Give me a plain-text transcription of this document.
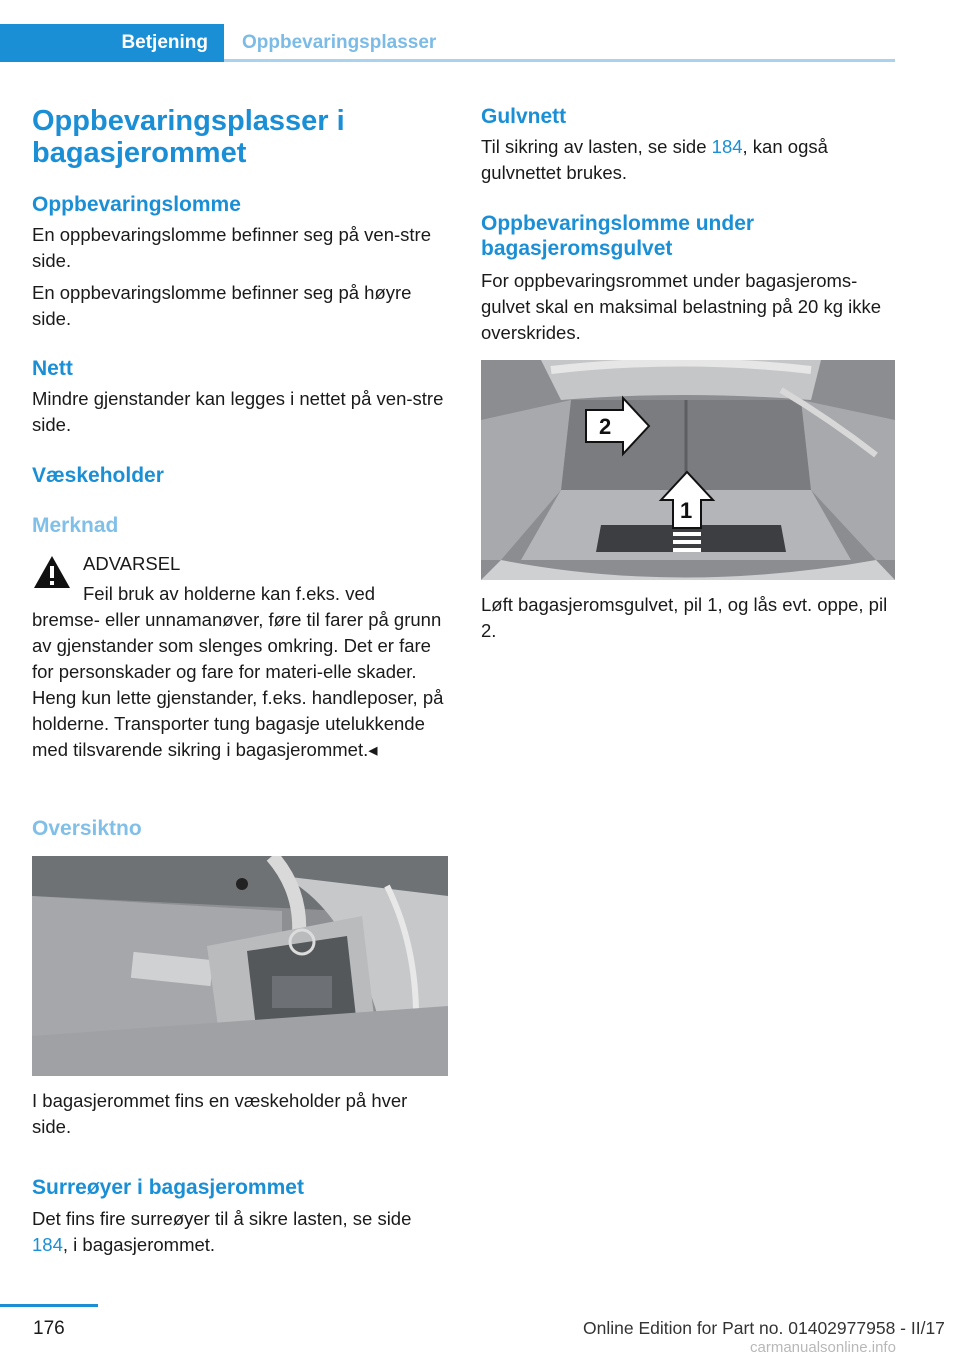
Betjening Oppbevaringsplasser
Oppbevaringsplasser i bagasjerommet
Oppbevaringslomme

En oppbevaringslomme befinner seg på ven-stre side.

En oppbevaringslomme befinner seg på høyre side.

Nett

Mindre gjenstander kan legges i nettet på ven-stre side.

Væskeholder
Merknad

ADVARSEL

Feil bruk av holderne kan f.eks. ved

bremse- eller unnamanøver, føre til farer på grunn av gjenstander som slenges omkring. Det er fare for personskader og fare for materi-elle skader. Heng kun lette gjenstander, f.eks. handleposer, på holderne. Transporter tung bagasje utelukkende med tilsvarende sikring i bagasjerommet.◂

Oversiktno

I bagasjerommet fins en væskeholder på hver side.

Surreøyer i bagasjerommet

Det fins fire surreøyer til å sikre lasten, se side 184, i bagasjerommet.

Gulvnett

Til sikring av lasten, se side 184, kan også gulvnettet brukes.

Oppbevaringslomme under bagasjeromsgulvet

For oppbevaringsrommet under bagasjeroms-gulvet skal en maksimal belastning på 20 kg ikke overskrides.

2
1

Løft bagasjeromsgulvet, pil 1, og lås evt. oppe, pil 2.

176	Online Edition for Part no. 01402977958 - II/17
carmanualsonline.info
